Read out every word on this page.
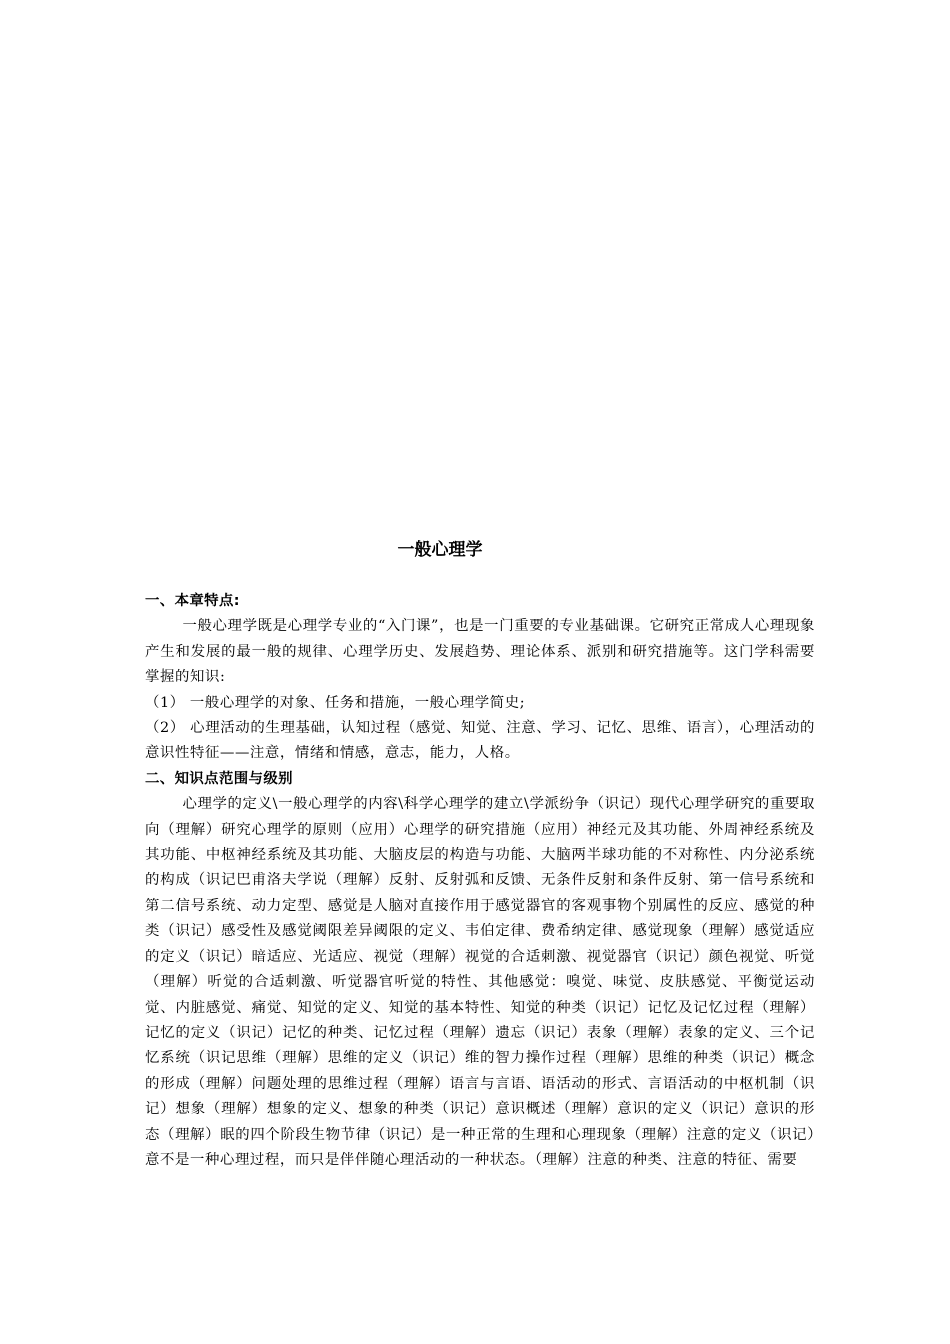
一般心理学

一、本章特点:

一般心理学既是心理学专业的“入门课”，也是一门重要的专业基础课。它研究正常成人心理现象产生和发展的最一般的规律、心理学历史、发展趋势、理论体系、派别和研究措施等。这门学科需要掌握的知识:

（1） 一般心理学的对象、任务和措施，一般心理学简史;

（2） 心理活动的生理基础，认知过程（感觉、知觉、注意、学习、记忆、思维、语言），心理活动的意识性特征——注意，情绪和情感，意志，能力，人格。

二、知识点范围与级别

心理学的定义\一般心理学的内容\科学心理学的建立\学派纷争（识记）现代心理学研究的重要取向（理解）研究心理学的原则（应用）心理学的研究措施（应用）神经元及其功能、外周神经系统及其功能、中枢神经系统及其功能、大脑皮层的构造与功能、大脑两半球功能的不对称性、内分泌系统的构成（识记巴甫洛夫学说（理解）反射、反射弧和反馈、无条件反射和条件反射、第一信号系统和第二信号系统、动力定型、感觉是人脑对直接作用于感觉器官的客观事物个别属性的反应、感觉的种类（识记）感受性及感觉阈限差异阈限的定义、韦伯定律、费希纳定律、感觉现象（理解）感觉适应的定义（识记）暗适应、光适应、视觉（理解）视觉的合适刺激、视觉器官（识记）颜色视觉、听觉（理解）听觉的合适刺激、听觉器官听觉的特性、其他感觉：嗅觉、味觉、皮肤感觉、平衡觉运动觉、内脏感觉、痛觉、知觉的定义、知觉的基本特性、知觉的种类（识记）记忆及记忆过程（理解）记忆的定义（识记）记忆的种类、记忆过程（理解）遗忘（识记）表象（理解）表象的定义、三个记忆系统（识记思维（理解）思维的定义（识记）维的智力操作过程（理解）思维的种类（识记）概念的形成（理解）问题处理的思维过程（理解）语言与言语、语活动的形式、言语活动的中枢机制（识记）想象（理解）想象的定义、想象的种类（识记）意识概述（理解）意识的定义（识记）意识的形态（理解）眠的四个阶段生物节律（识记）是一种正常的生理和心理现象（理解）注意的定义（识记）意不是一种心理过程，而只是伴伴随心理活动的一种状态。（理解）注意的种类、注意的特征、需要
